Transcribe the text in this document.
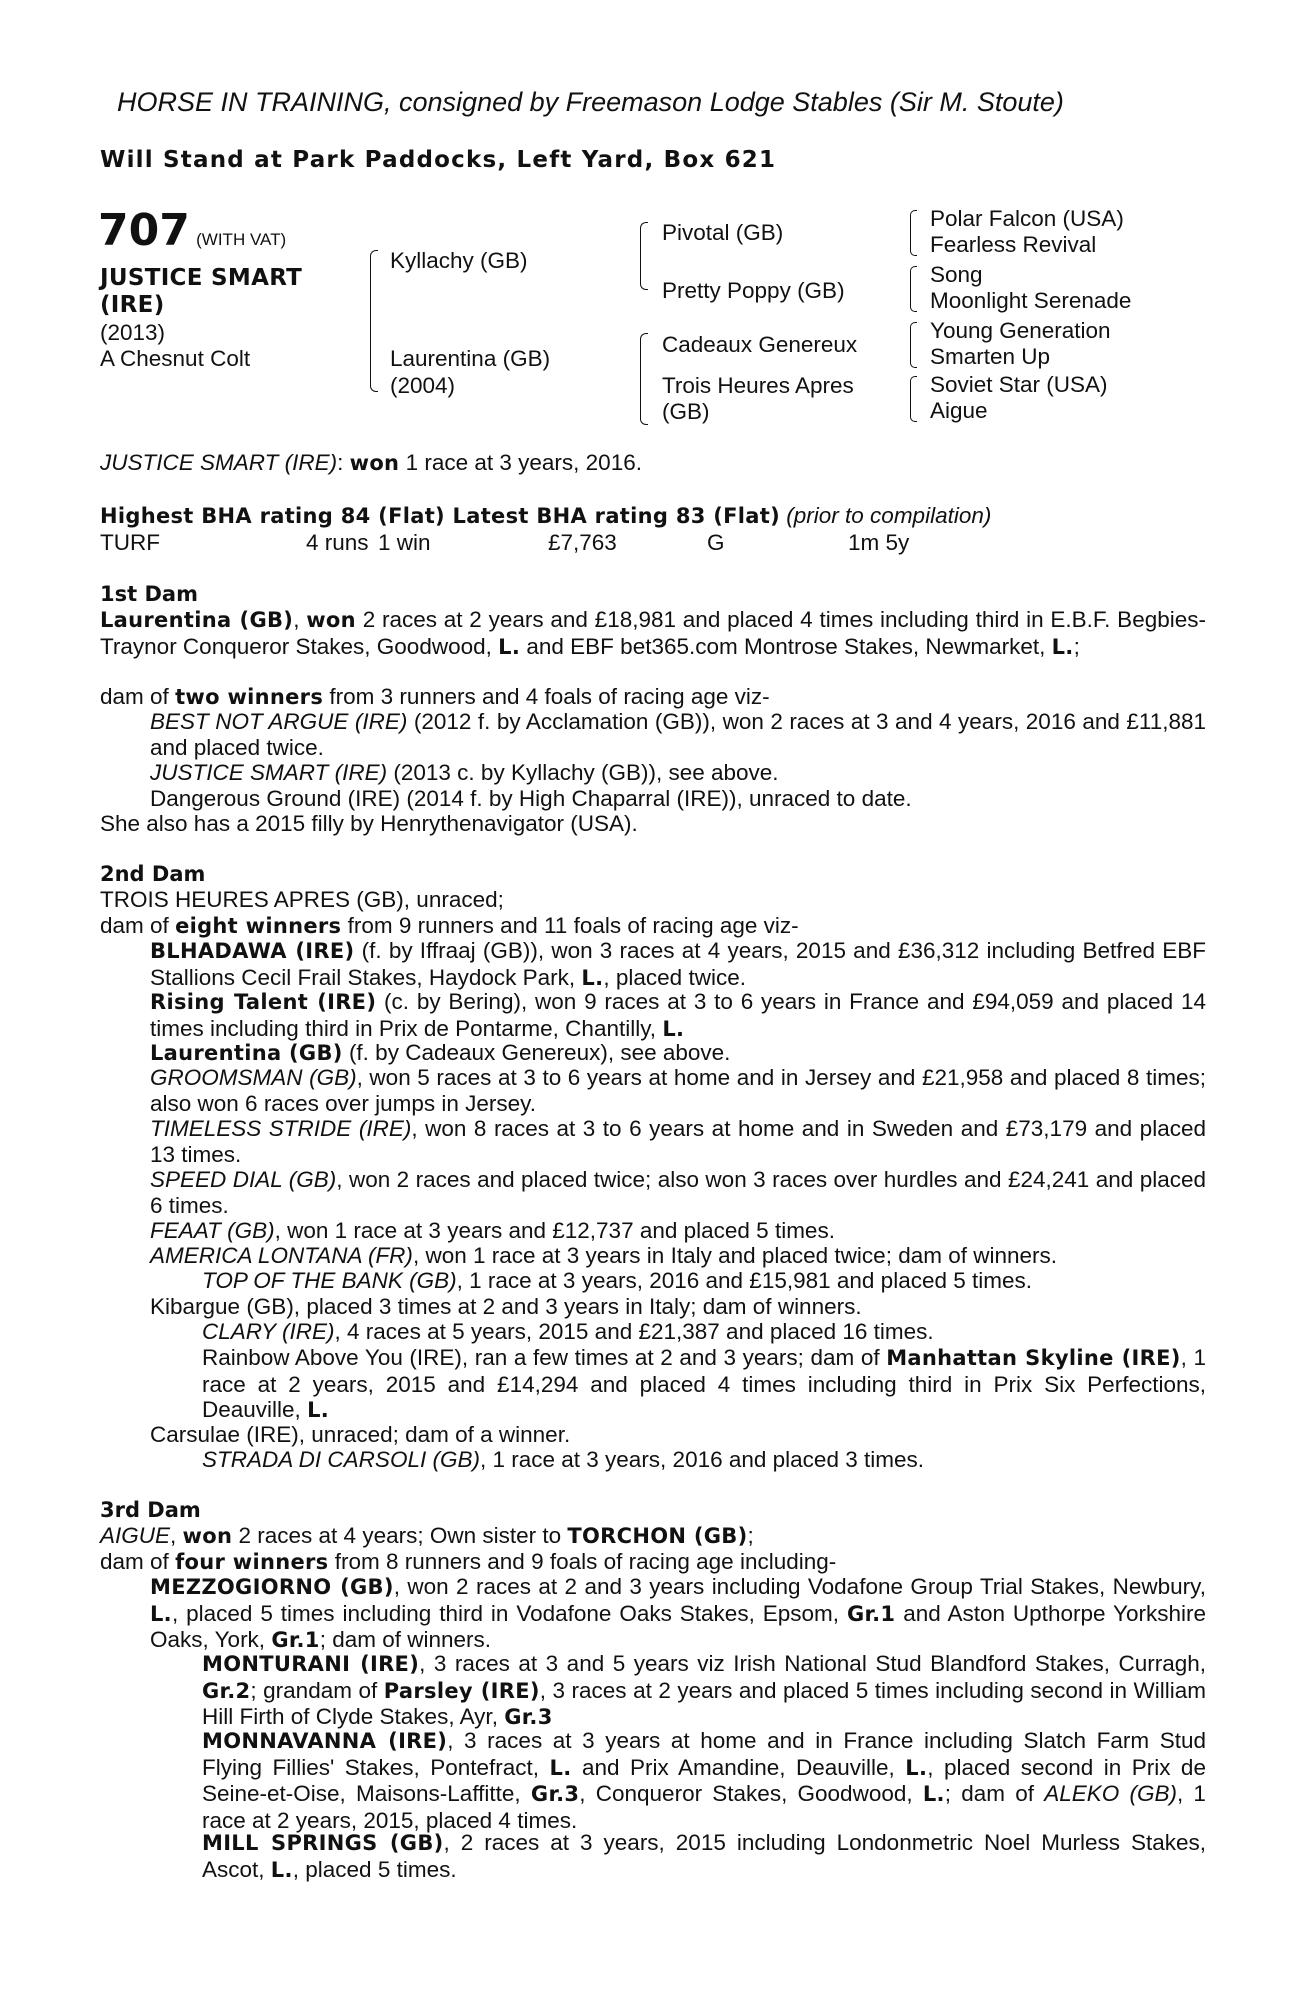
HORSE IN TRAINING, consigned by Freemason Lodge Stables (Sir M. Stoute)
Will Stand at Park Paddocks, Left Yard, Box 621
707 (WITH VAT)
JUSTICE SMART
(IRE)
(2013)
A Chesnut Colt
Kyllachy (GB)
Laurentina (GB)
(2004)
Pivotal (GB)
Pretty Poppy (GB)
Cadeaux Genereux
Trois Heures Apres
(GB)
Polar Falcon (USA)
Fearless Revival
Song
Moonlight Serenade
Young Generation
Smarten Up
Soviet Star (USA)
Aigue
JUSTICE SMART (IRE): won 1 race at 3 years, 2016.
Highest BHA rating 84 (Flat) Latest BHA rating 83 (Flat) (prior to compilation)
TURF	4 runs 1 win	£7,763	G	1m 5y
1st Dam
Laurentina (GB), won 2 races at 2 years and £18,981 and placed 4 times including third in E.B.F. Begbies-Traynor Conqueror Stakes, Goodwood, L. and EBF bet365.com Montrose Stakes, Newmarket, L.;
dam of two winners from 3 runners and 4 foals of racing age viz-
BEST NOT ARGUE (IRE) (2012 f. by Acclamation (GB)), won 2 races at 3 and 4 years, 2016 and £11,881 and placed twice.
JUSTICE SMART (IRE) (2013 c. by Kyllachy (GB)), see above.
Dangerous Ground (IRE) (2014 f. by High Chaparral (IRE)), unraced to date.
She also has a 2015 filly by Henrythenavigator (USA).
2nd Dam
TROIS HEURES APRES (GB), unraced;
dam of eight winners from 9 runners and 11 foals of racing age viz-
BLHADAWA (IRE) (f. by Iffraaj (GB)), won 3 races at 4 years, 2015 and £36,312 including Betfred EBF Stallions Cecil Frail Stakes, Haydock Park, L., placed twice.
Rising Talent (IRE) (c. by Bering), won 9 races at 3 to 6 years in France and £94,059 and placed 14 times including third in Prix de Pontarme, Chantilly, L.
Laurentina (GB) (f. by Cadeaux Genereux), see above.
GROOMSMAN (GB), won 5 races at 3 to 6 years at home and in Jersey and £21,958 and placed 8 times; also won 6 races over jumps in Jersey.
TIMELESS STRIDE (IRE), won 8 races at 3 to 6 years at home and in Sweden and £73,179 and placed 13 times.
SPEED DIAL (GB), won 2 races and placed twice; also won 3 races over hurdles and £24,241 and placed 6 times.
FEAAT (GB), won 1 race at 3 years and £12,737 and placed 5 times.
AMERICA LONTANA (FR), won 1 race at 3 years in Italy and placed twice; dam of winners.
TOP OF THE BANK (GB), 1 race at 3 years, 2016 and £15,981 and placed 5 times.
Kibargue (GB), placed 3 times at 2 and 3 years in Italy; dam of winners.
CLARY (IRE), 4 races at 5 years, 2015 and £21,387 and placed 16 times.
Rainbow Above You (IRE), ran a few times at 2 and 3 years; dam of Manhattan Skyline (IRE), 1 race at 2 years, 2015 and £14,294 and placed 4 times including third in Prix Six Perfections, Deauville, L.
Carsulae (IRE), unraced; dam of a winner.
STRADA DI CARSOLI (GB), 1 race at 3 years, 2016 and placed 3 times.
3rd Dam
AIGUE, won 2 races at 4 years; Own sister to TORCHON (GB);
dam of four winners from 8 runners and 9 foals of racing age including-
MEZZOGIORNO (GB), won 2 races at 2 and 3 years including Vodafone Group Trial Stakes, Newbury, L., placed 5 times including third in Vodafone Oaks Stakes, Epsom, Gr.1 and Aston Upthorpe Yorkshire Oaks, York, Gr.1; dam of winners.
MONTURANI (IRE), 3 races at 3 and 5 years viz Irish National Stud Blandford Stakes, Curragh, Gr.2; grandam of Parsley (IRE), 3 races at 2 years and placed 5 times including second in William Hill Firth of Clyde Stakes, Ayr, Gr.3
MONNAVANNA (IRE), 3 races at 3 years at home and in France including Slatch Farm Stud Flying Fillies' Stakes, Pontefract, L. and Prix Amandine, Deauville, L., placed second in Prix de Seine-et-Oise, Maisons-Laffitte, Gr.3, Conqueror Stakes, Goodwood, L.; dam of ALEKO (GB), 1 race at 2 years, 2015, placed 4 times.
MILL SPRINGS (GB), 2 races at 3 years, 2015 including Londonmetric Noel Murless Stakes, Ascot, L., placed 5 times.
